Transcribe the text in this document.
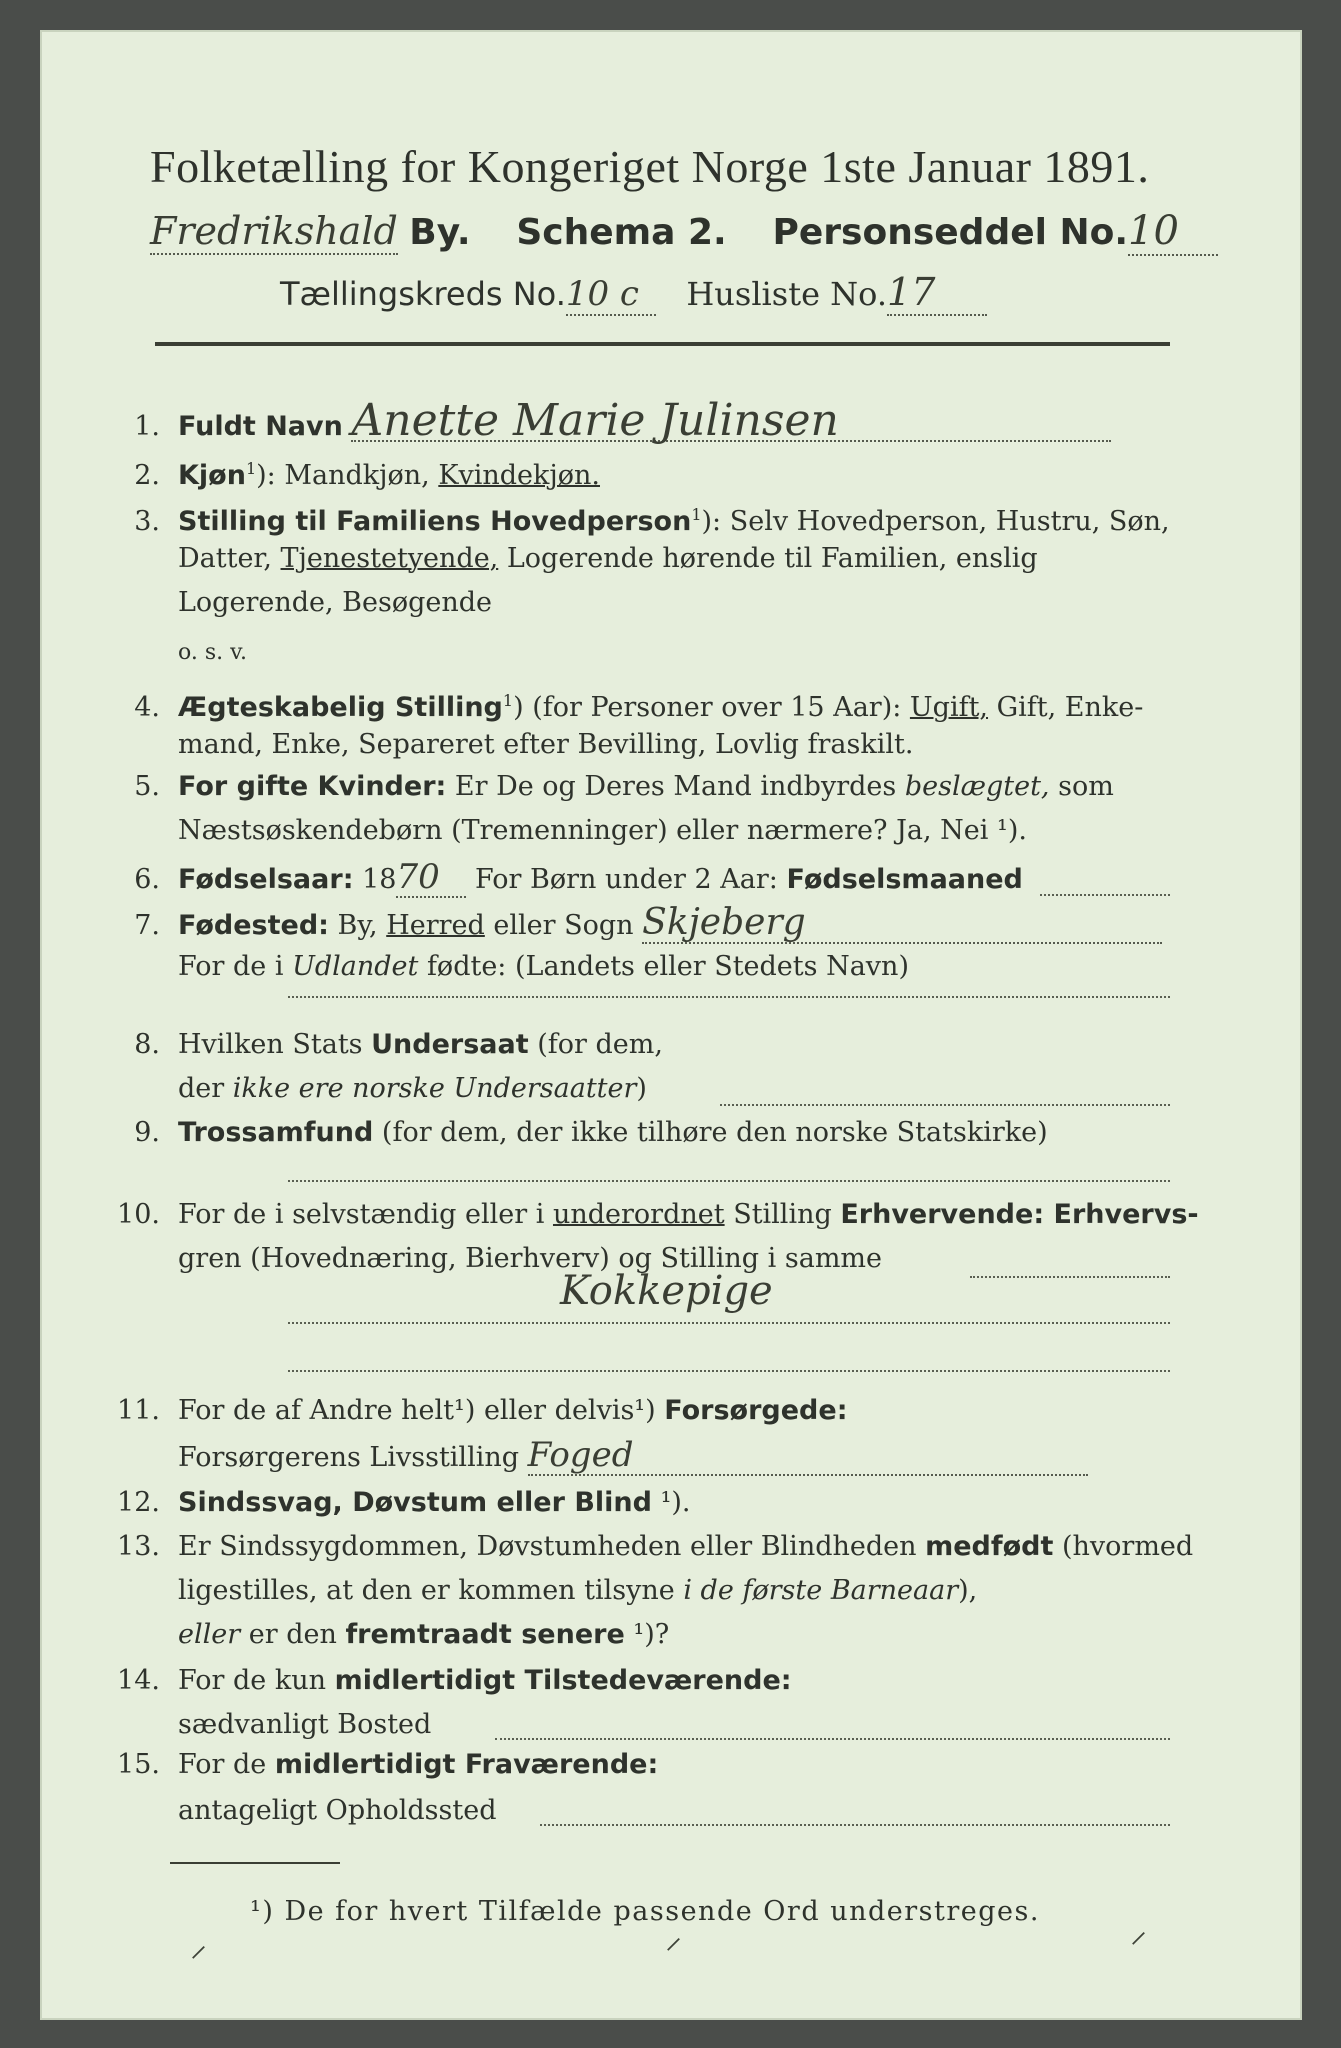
Folketælling for Kongeriget Norge 1ste Januar 1891.
Fredrikshald By. Schema 2. Personseddel No.10
Tællingskreds No.10 c Husliste No.17
1. Fuldt Navn Anette Marie Julinsen
2. Kjøn$^1$): Mandkjøn, Kvindekjøn.
3. Stilling til Familiens Hovedperson$^1$): Selv Hovedperson, Hustru, Søn,
Datter, Tjenestetyende, Logerende hørende til Familien, enslig
Logerende, Besøgende
o. s. v.
4. Ægteskabelig Stilling$^1$) (for Personer over 15 Aar): Ugift, Gift, Enke-
mand, Enke, Separeret efter Bevilling, Lovlig fraskilt.
5. For gifte Kvinder: Er De og Deres Mand indbyrdes beslægtet, som
Næstsøskendebørn (Tremenninger) eller nærmere? Ja, Nei ¹).
6. Fødselsaar: 1870 For Børn under 2 Aar: Fødselsmaaned
7. Fødested: By, Herred eller Sogn Skjeberg
For de i Udlandet fødte: (Landets eller Stedets Navn)
8. Hvilken Stats Undersaat (for dem,
der ikke ere norske Undersaatter)
9. Trossamfund (for dem, der ikke tilhøre den norske Statskirke)
10. For de i selvstændig eller i underordnet Stilling Erhvervende: Erhvervs-
gren (Hovednæring, Bierhverv) og Stilling i samme
Kokkepige
11. For de af Andre helt¹) eller delvis¹) Forsørgede:
Forsørgerens Livsstilling Foged
12. Sindssvag, Døvstum eller Blind ¹).
13. Er Sindssygdommen, Døvstumheden eller Blindheden medfødt (hvormed
ligestilles, at den er kommen tilsyne i de første Barneaar),
eller er den fremtraadt senere ¹)?
14. For de kun midlertidigt Tilstedeværende:
sædvanligt Bosted
15. For de midlertidigt Fraværende:
antageligt Opholdssted
¹) De for hvert Tilfælde passende Ord understreges.
⸝	⸝	⸝
